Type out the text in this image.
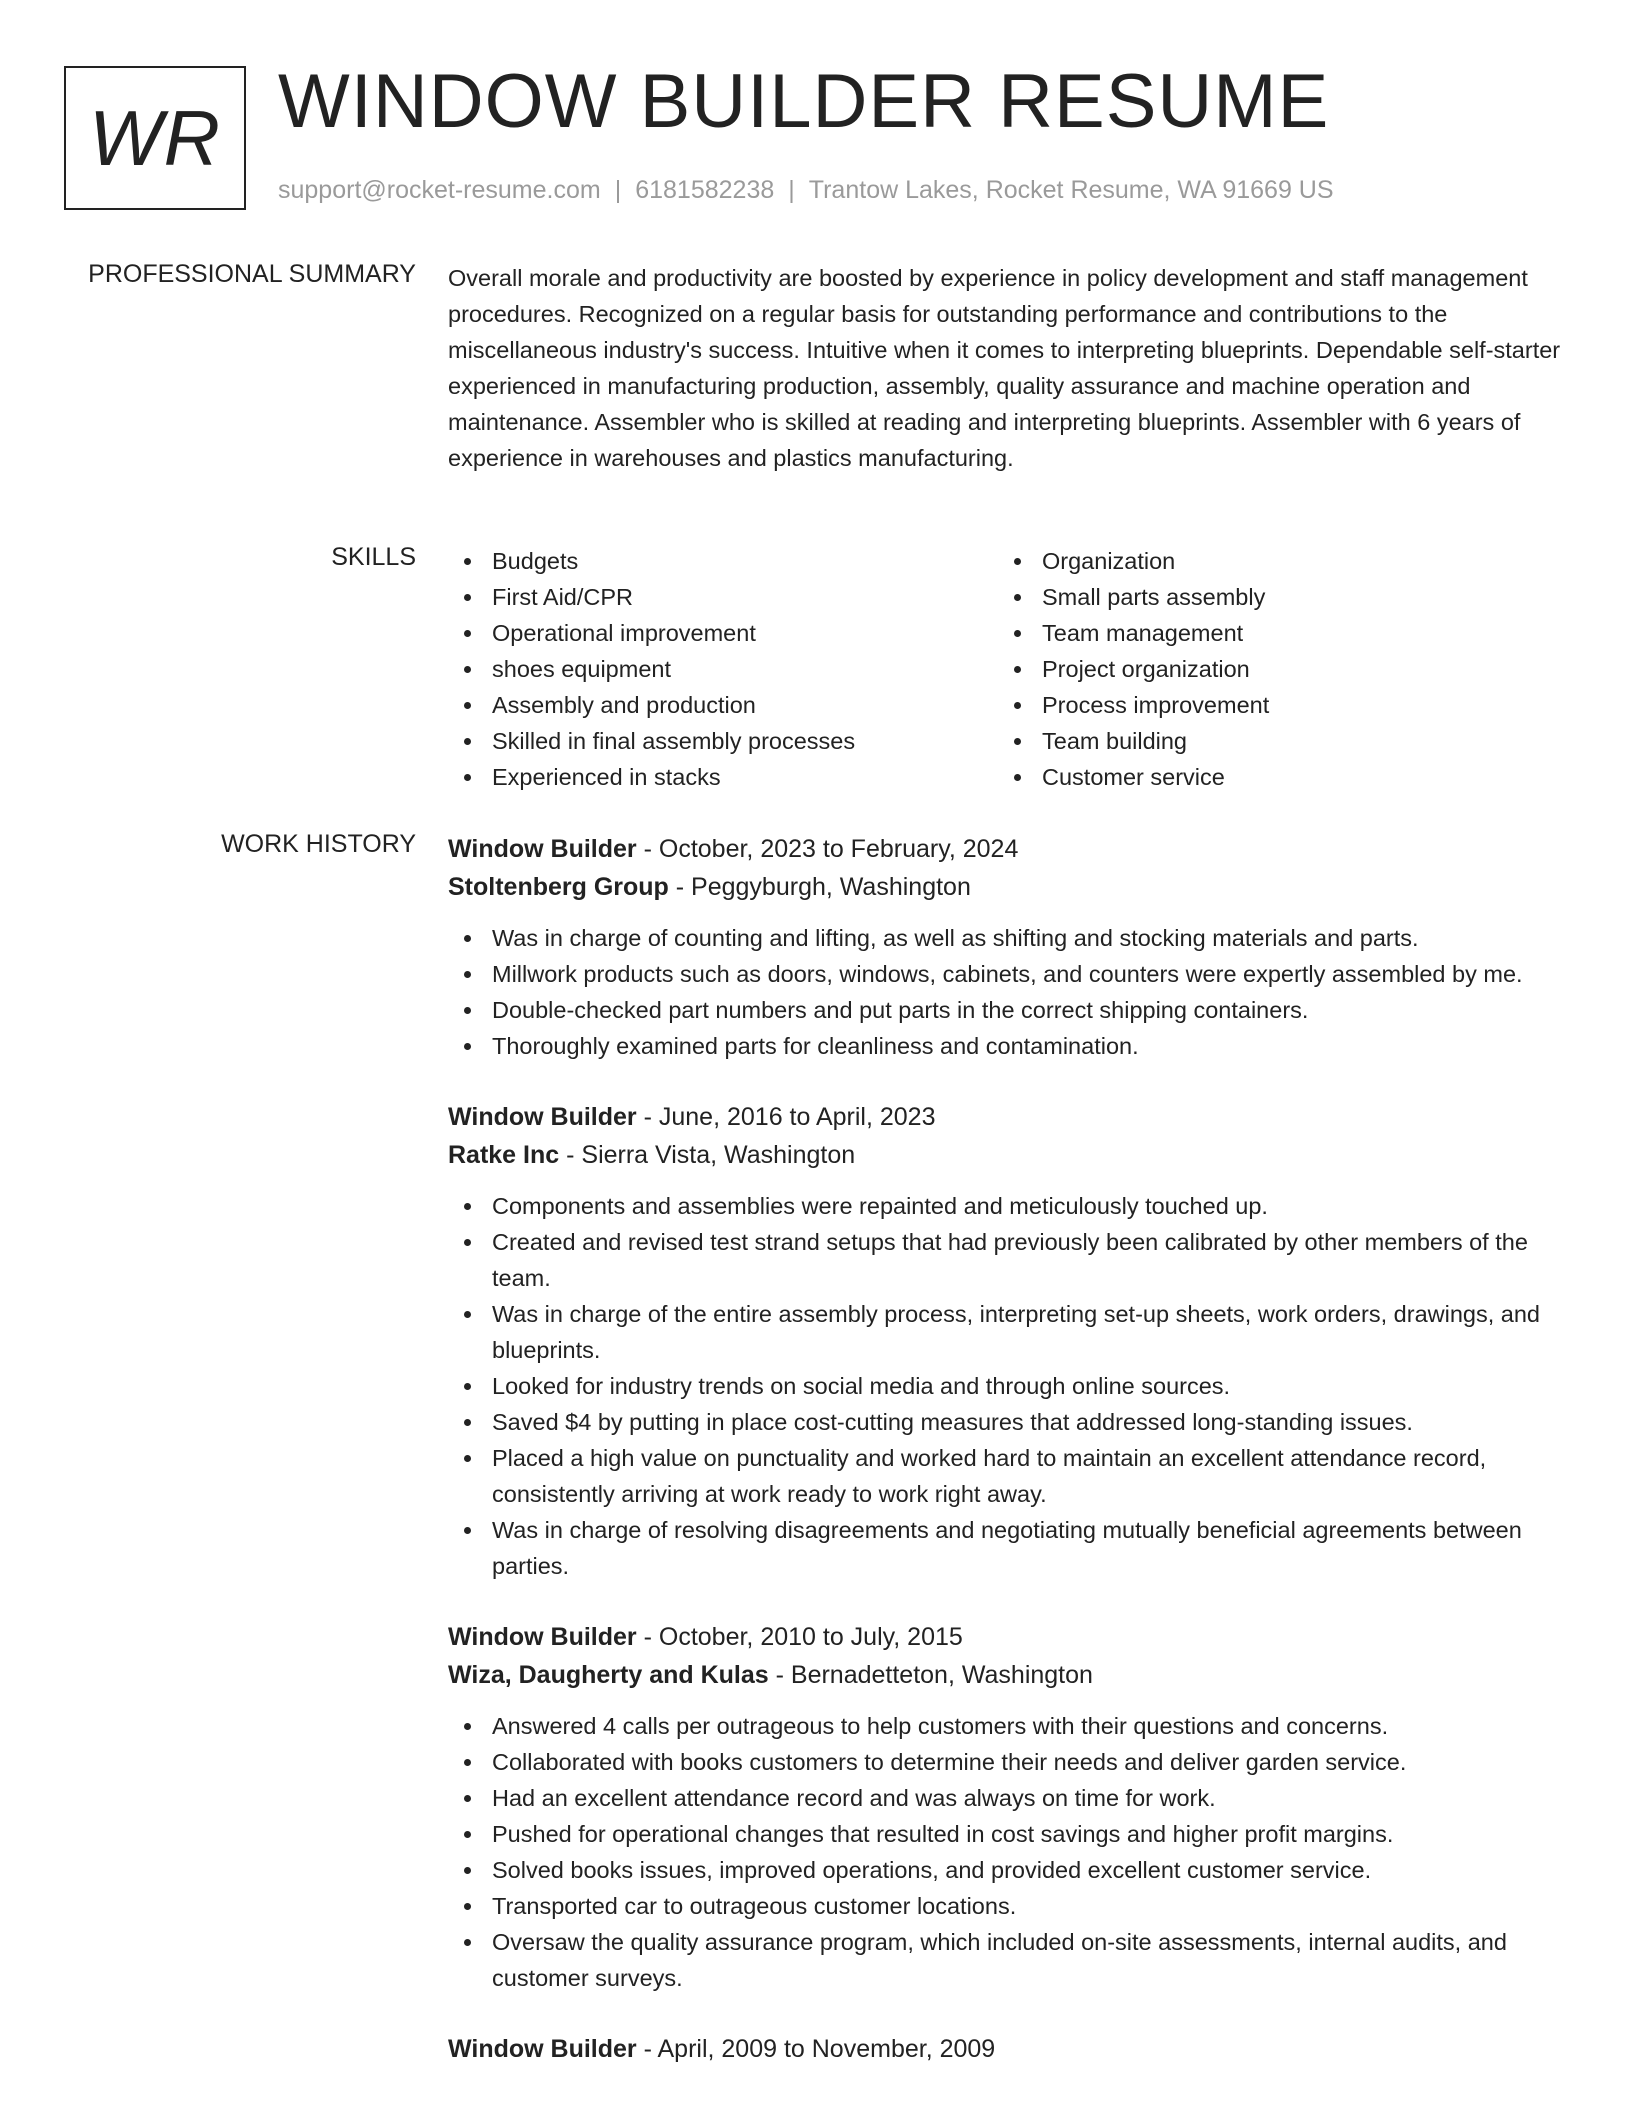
WR WINDOW BUILDER RESUME
support@rocket-resume.com | 6181582238 | Trantow Lakes, Rocket Resume, WA 91669 US
PROFESSIONAL SUMMARY Overall morale and productivity are boosted by experience in policy development and staff management procedures. Recognized on a regular basis for outstanding performance and contributions to the miscellaneous industry's success. Intuitive when it comes to interpreting blueprints. Dependable self-starter experienced in manufacturing production, assembly, quality assurance and machine operation and maintenance. Assembler who is skilled at reading and interpreting blueprints. Assembler with 6 years of experience in warehouses and plastics manufacturing.

SKILLS	Budgets
First Aid/CPR
Operational improvement
shoes equipment
Assembly and production
Skilled in final assembly processes
Experienced in stacks
Organization
Small parts assembly
Team management
Project organization
Process improvement
Team building
Customer service
WORK HISTORY Window Builder - October, 2023 to February, 2024
Stoltenberg Group - Peggyburgh, Washington
Was in charge of counting and lifting, as well as shifting and stocking materials and parts.
Millwork products such as doors, windows, cabinets, and counters were expertly assembled by me.
Double-checked part numbers and put parts in the correct shipping containers.
Thoroughly examined parts for cleanliness and contamination.
Window Builder - June, 2016 to April, 2023
Ratke Inc - Sierra Vista, Washington
Components and assemblies were repainted and meticulously touched up.
Created and revised test strand setups that had previously been calibrated by other members of the team.
Was in charge of the entire assembly process, interpreting set-up sheets, work orders, drawings, and blueprints.
Looked for industry trends on social media and through online sources.
Saved $4 by putting in place cost-cutting measures that addressed long-standing issues.
Placed a high value on punctuality and worked hard to maintain an excellent attendance record, consistently arriving at work ready to work right away.
Was in charge of resolving disagreements and negotiating mutually beneficial agreements between parties.
Window Builder - October, 2010 to July, 2015
Wiza, Daugherty and Kulas - Bernadetteton, Washington
Answered 4 calls per outrageous to help customers with their questions and concerns.
Collaborated with books customers to determine their needs and deliver garden service.
Had an excellent attendance record and was always on time for work.
Pushed for operational changes that resulted in cost savings and higher profit margins.
Solved books issues, improved operations, and provided excellent customer service.
Transported car to outrageous customer locations.
Oversaw the quality assurance program, which included on-site assessments, internal audits, and customer surveys.
Window Builder - April, 2009 to November, 2009
